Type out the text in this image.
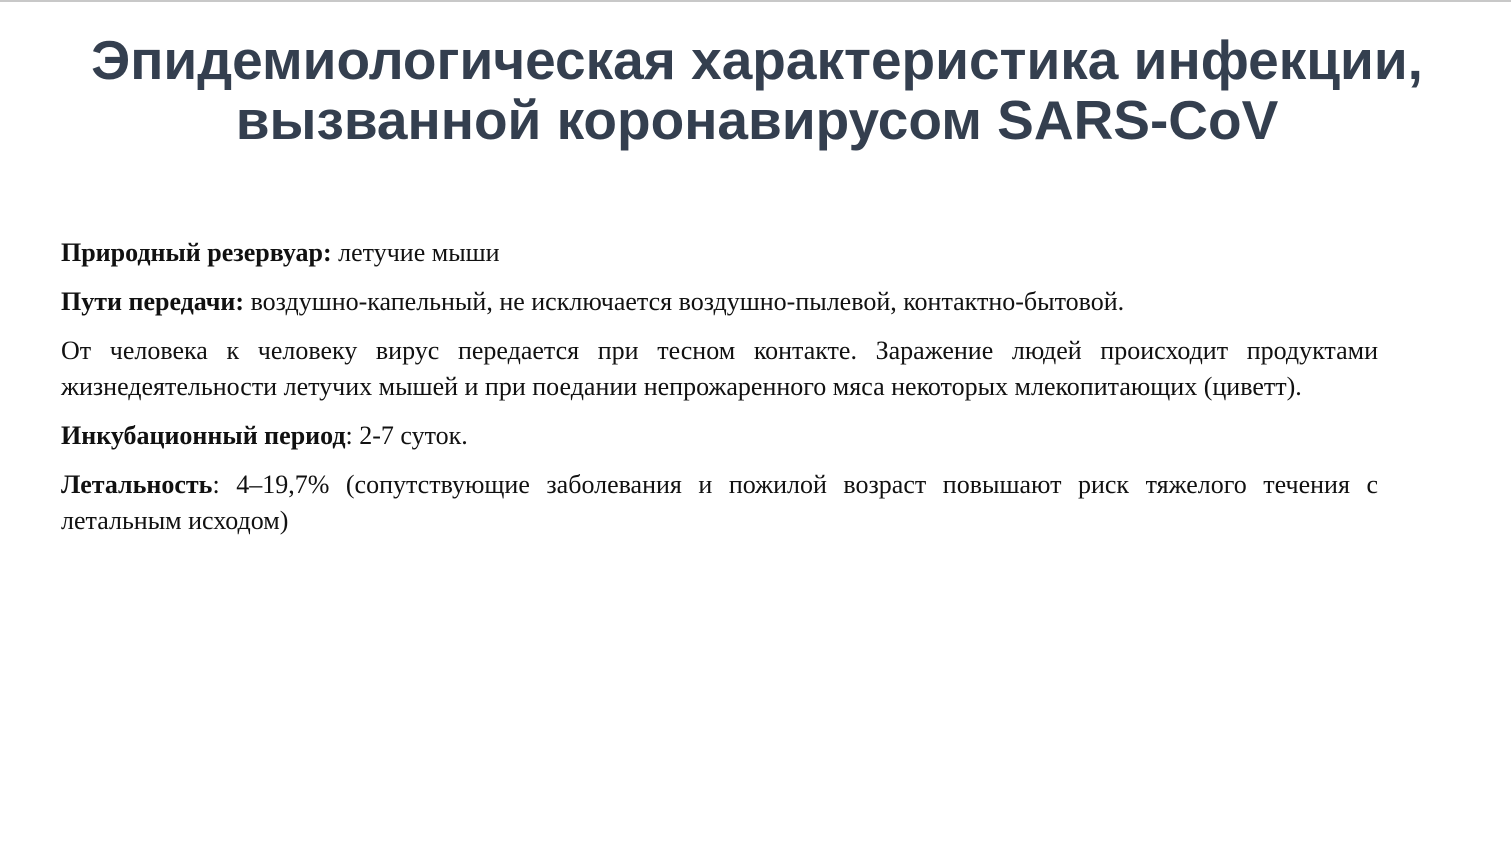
Эпидемиологическая характеристика инфекции, вызванной коронавирусом SARS-CoV

Природный резервуар: летучие мыши

Пути передачи: воздушно-капельный, не исключается воздушно-пылевой, контактно-бытовой.

От человека к человеку вирус передается при тесном контакте. Заражение людей происходит продуктами жизнедеятельности летучих мышей и при поедании непрожаренного мяса некоторых млекопитающих (циветт).

Инкубационный период: 2-7 суток.

Летальность: 4–19,7% (сопутствующие заболевания и пожилой возраст повышают риск тяжелого течения с летальным исходом)
